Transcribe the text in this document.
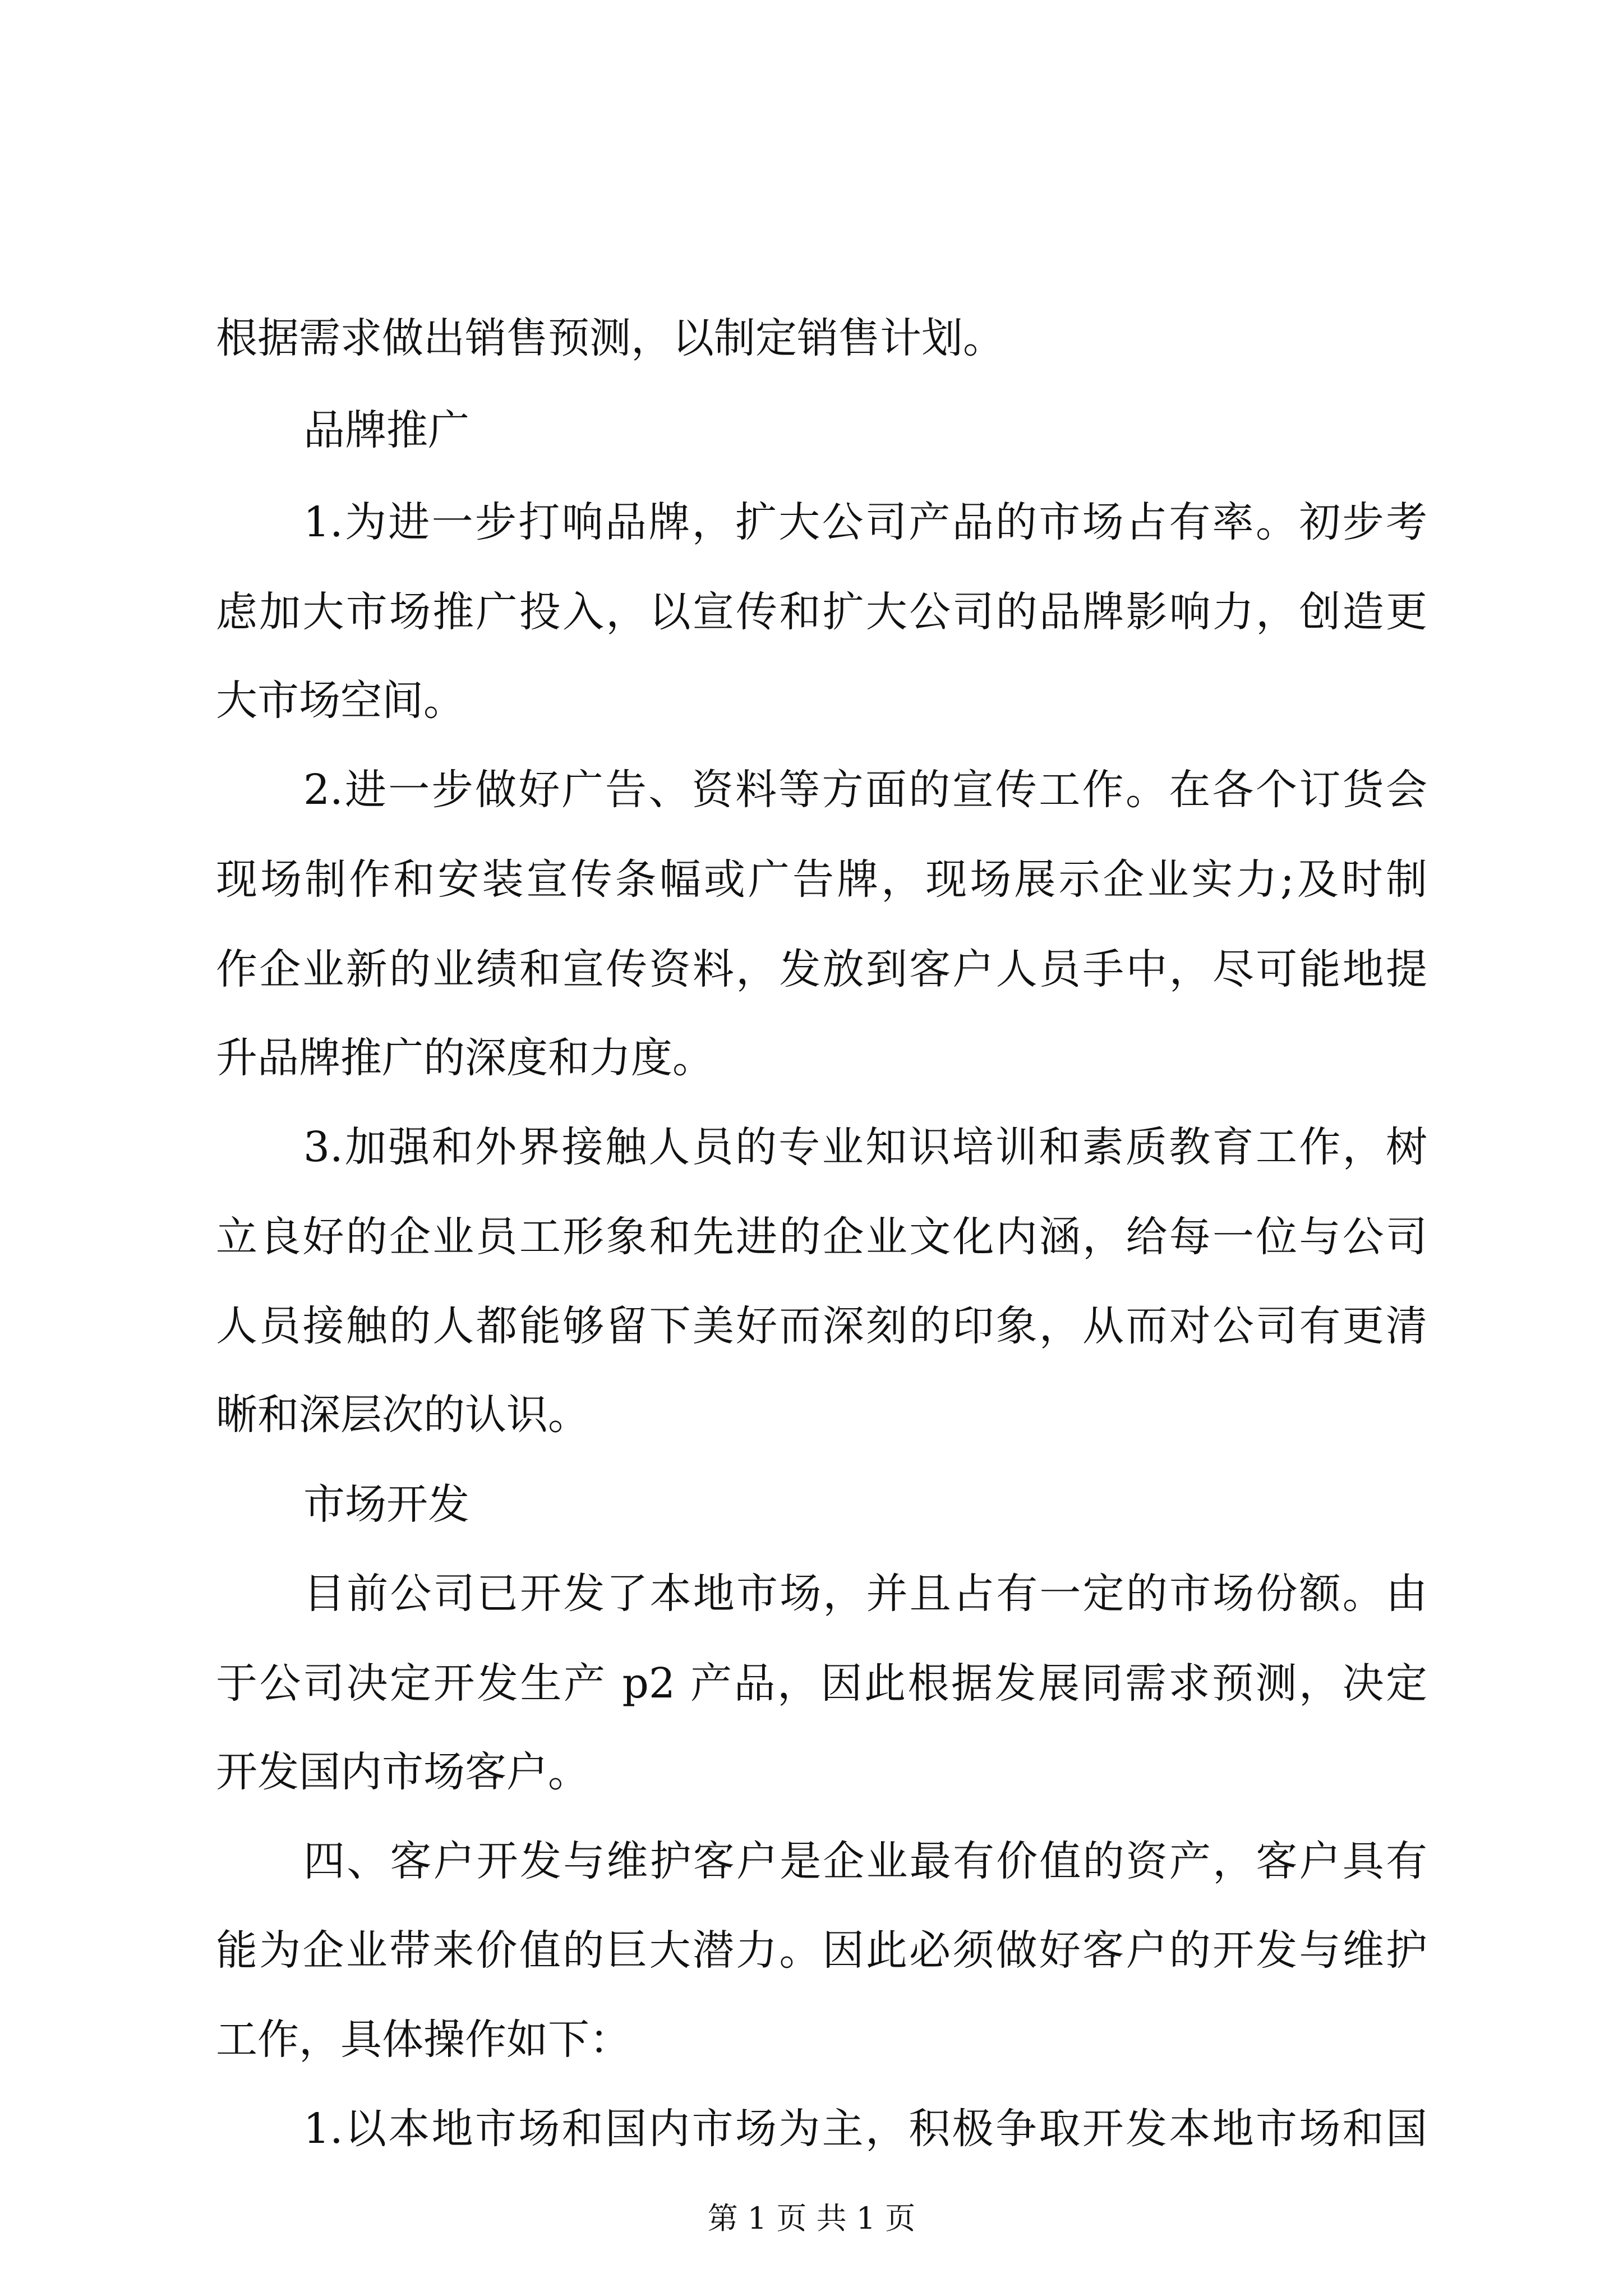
根据需求做出销售预测，以制定销售计划。
品牌推广
1.为进一步打响品牌，扩大公司产品的市场占有率。初步考
虑加大市场推广投入，以宣传和扩大公司的品牌影响力，创造更
大市场空间。
2.进一步做好广告、资料等方面的宣传工作。在各个订货会
现场制作和安装宣传条幅或广告牌，现场展示企业实力;及时制
作企业新的业绩和宣传资料，发放到客户人员手中，尽可能地提
升品牌推广的深度和力度。
3.加强和外界接触人员的专业知识培训和素质教育工作，树
立良好的企业员工形象和先进的企业文化内涵，给每一位与公司
人员接触的人都能够留下美好而深刻的印象，从而对公司有更清
晰和深层次的认识。
市场开发
目前公司已开发了本地市场，并且占有一定的市场份额。由
于公司决定开发生产 p2 产品，因此根据发展同需求预测，决定
开发国内市场客户。
四、客户开发与维护客户是企业最有价值的资产，客户具有
能为企业带来价值的巨大潜力。因此必须做好客户的开发与维护
工作，具体操作如下：
1.以本地市场和国内市场为主，积极争取开发本地市场和国
第 1 页 共 1 页
